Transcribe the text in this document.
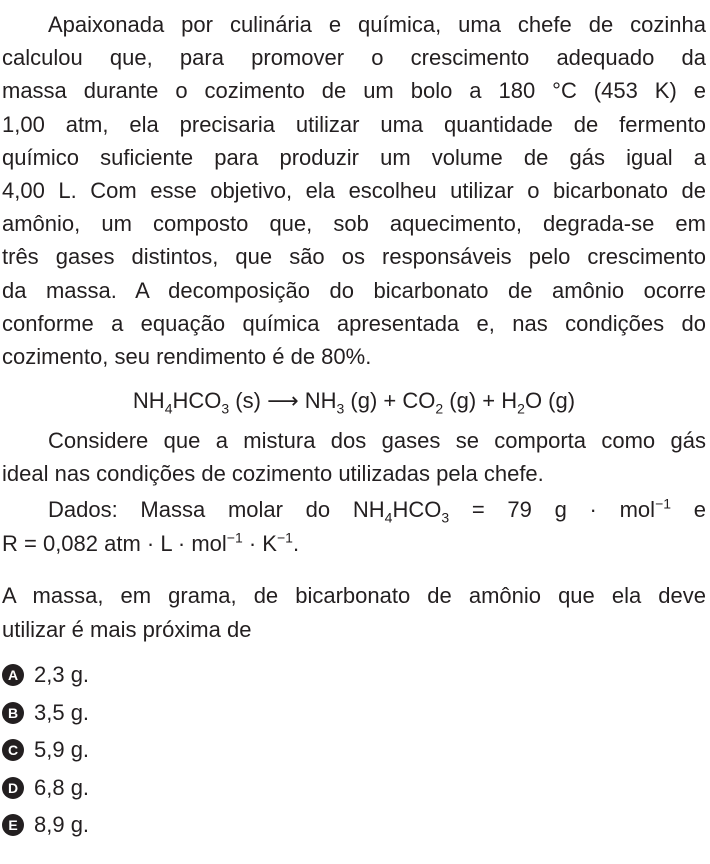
Apaixonada por culinária e química, uma chefe de cozinha
calculou que, para promover o crescimento adequado da
massa durante o cozimento de um bolo a 180 °C (453 K) e
1,00 atm, ela precisaria utilizar uma quantidade de fermento
químico suficiente para produzir um volume de gás igual a
4,00 L. Com esse objetivo, ela escolheu utilizar o bicarbonato de
amônio, um composto que, sob aquecimento, degrada-se em
três gases distintos, que são os responsáveis pelo crescimento
da massa. A decomposição do bicarbonato de amônio ocorre
conforme a equação química apresentada e, nas condições do
cozimento, seu rendimento é de 80%.

$NH_4HCO_3$ (s) ⟶ $NH_3$ $(g) + CO_2$ $(g) + H_2O$ (g)

Considere que a mistura dos gases se comporta como gás
ideal nas condições de cozimento utilizadas pela chefe.

Dados: Massa molar do $NH_4HCO_3 = 79$ g · mol$^{-1}$ e
R = 0,082 atm · $L \cdot mol^{-1} \cdot K^{-1}$.

A massa, em grama, de bicarbonato de amônio que ela deve
utilizar é mais próxima de

A 2,3 g.
B 3,5 g.
C 5,9 g.
D 6,8 g.
E 8,9 g.
